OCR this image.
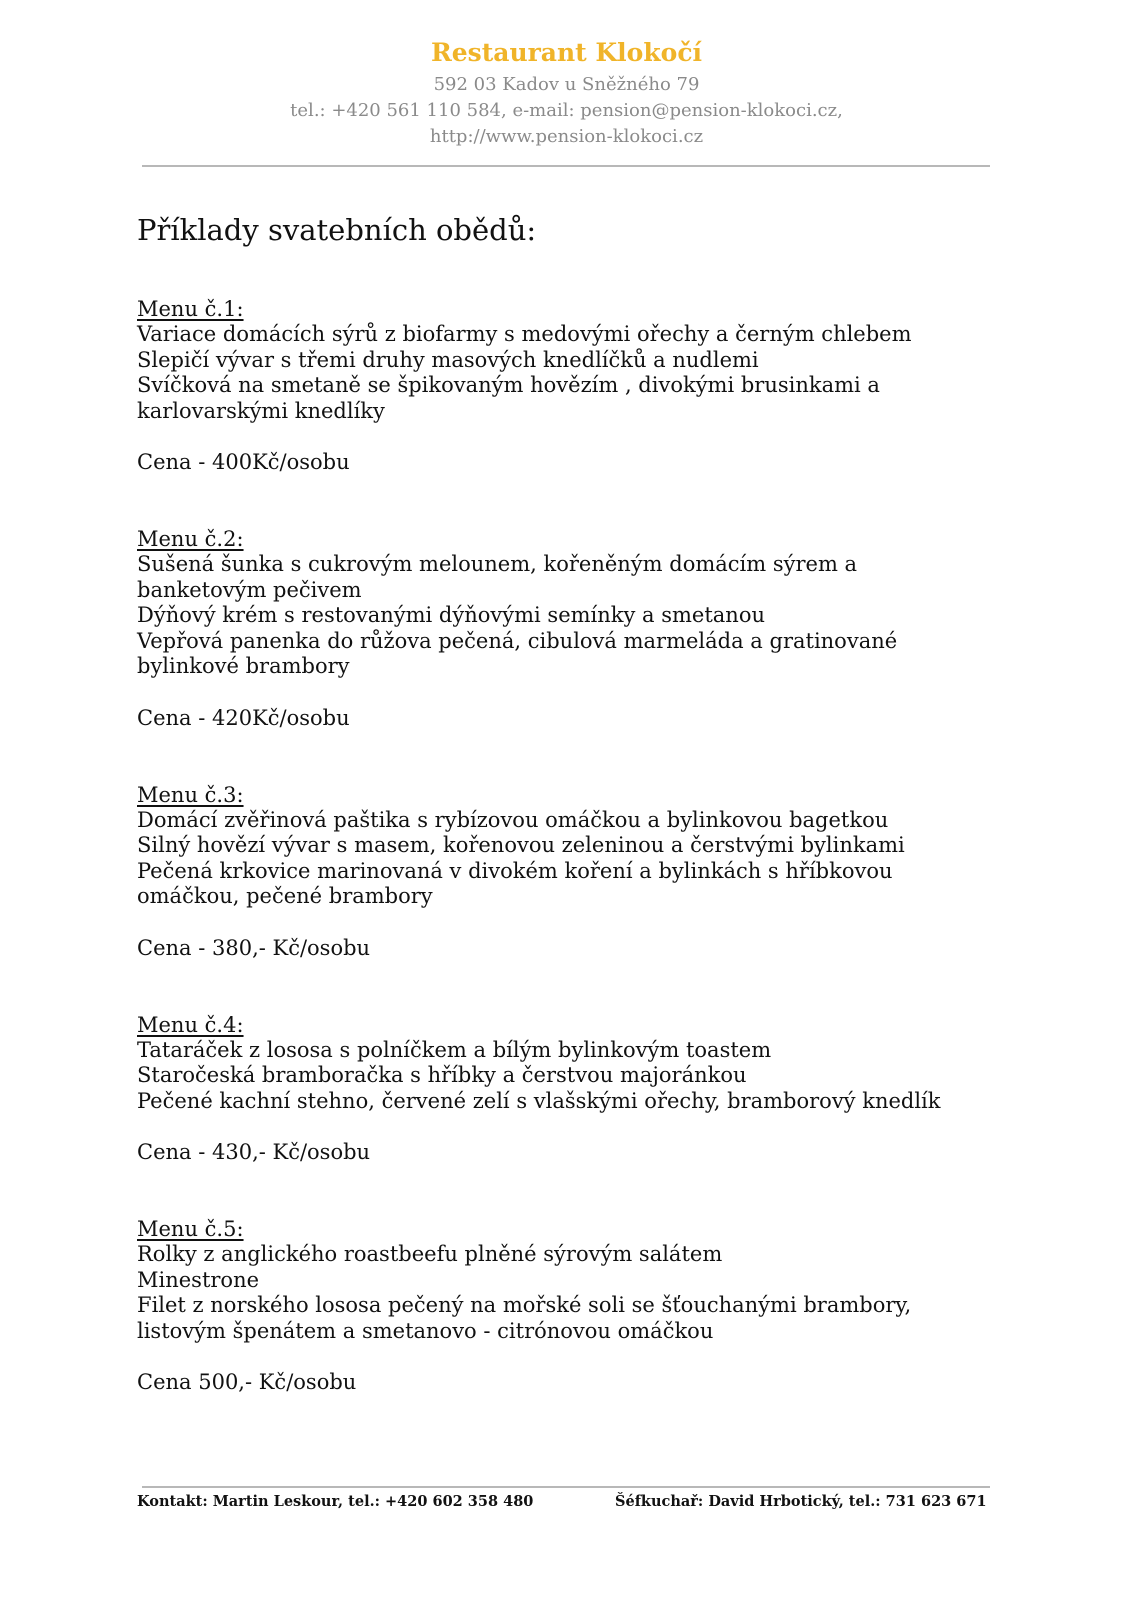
Restaurant Klokočí
592 03 Kadov u Sněžného 79
tel.: +420 561 110 584, e-mail: pension@pension-klokoci.cz,
http://www.pension-klokoci.cz
Příklady svatebních obědů:
Menu č.1:
Variace domácích sýrů z biofarmy s medovými ořechy a černým chlebem
Slepičí vývar s třemi druhy masových knedlíčků a nudlemi
Svíčková na smetaně se špikovaným hovězím , divokými brusinkami a
karlovarskými knedlíky
Cena - 400Kč/osobu
Menu č.2:
Sušená šunka s cukrovým melounem, kořeněným domácím sýrem a
banketovým pečivem
Dýňový krém s restovanými dýňovými semínky a smetanou
Vepřová panenka do růžova pečená, cibulová marmeláda a gratinované
bylinkové brambory
Cena - 420Kč/osobu
Menu č.3:
Domácí zvěřinová paštika s rybízovou omáčkou a bylinkovou bagetkou
Silný hovězí vývar s masem, kořenovou zeleninou a čerstvými bylinkami
Pečená krkovice marinovaná v divokém koření a bylinkách s hříbkovou
omáčkou, pečené brambory
Cena - 380,- Kč/osobu
Menu č.4:
Tataráček z lososa s polníčkem a bílým bylinkovým toastem
Staročeská bramboračka s hříbky a čerstvou majoránkou
Pečené kachní stehno, červené zelí s vlašskými ořechy, bramborový knedlík
Cena - 430,- Kč/osobu
Menu č.5:
Rolky z anglického roastbeefu plněné sýrovým salátem
Minestrone
Filet z norského lososa pečený na mořské soli se šťouchanými brambory,
listovým špenátem a smetanovo - citrónovou omáčkou
Cena 500,- Kč/osobu
Kontakt: Martin Leskour, tel.: +420 602 358 480	Šéfkuchař: David Hrbotický, tel.: 731 623 671
